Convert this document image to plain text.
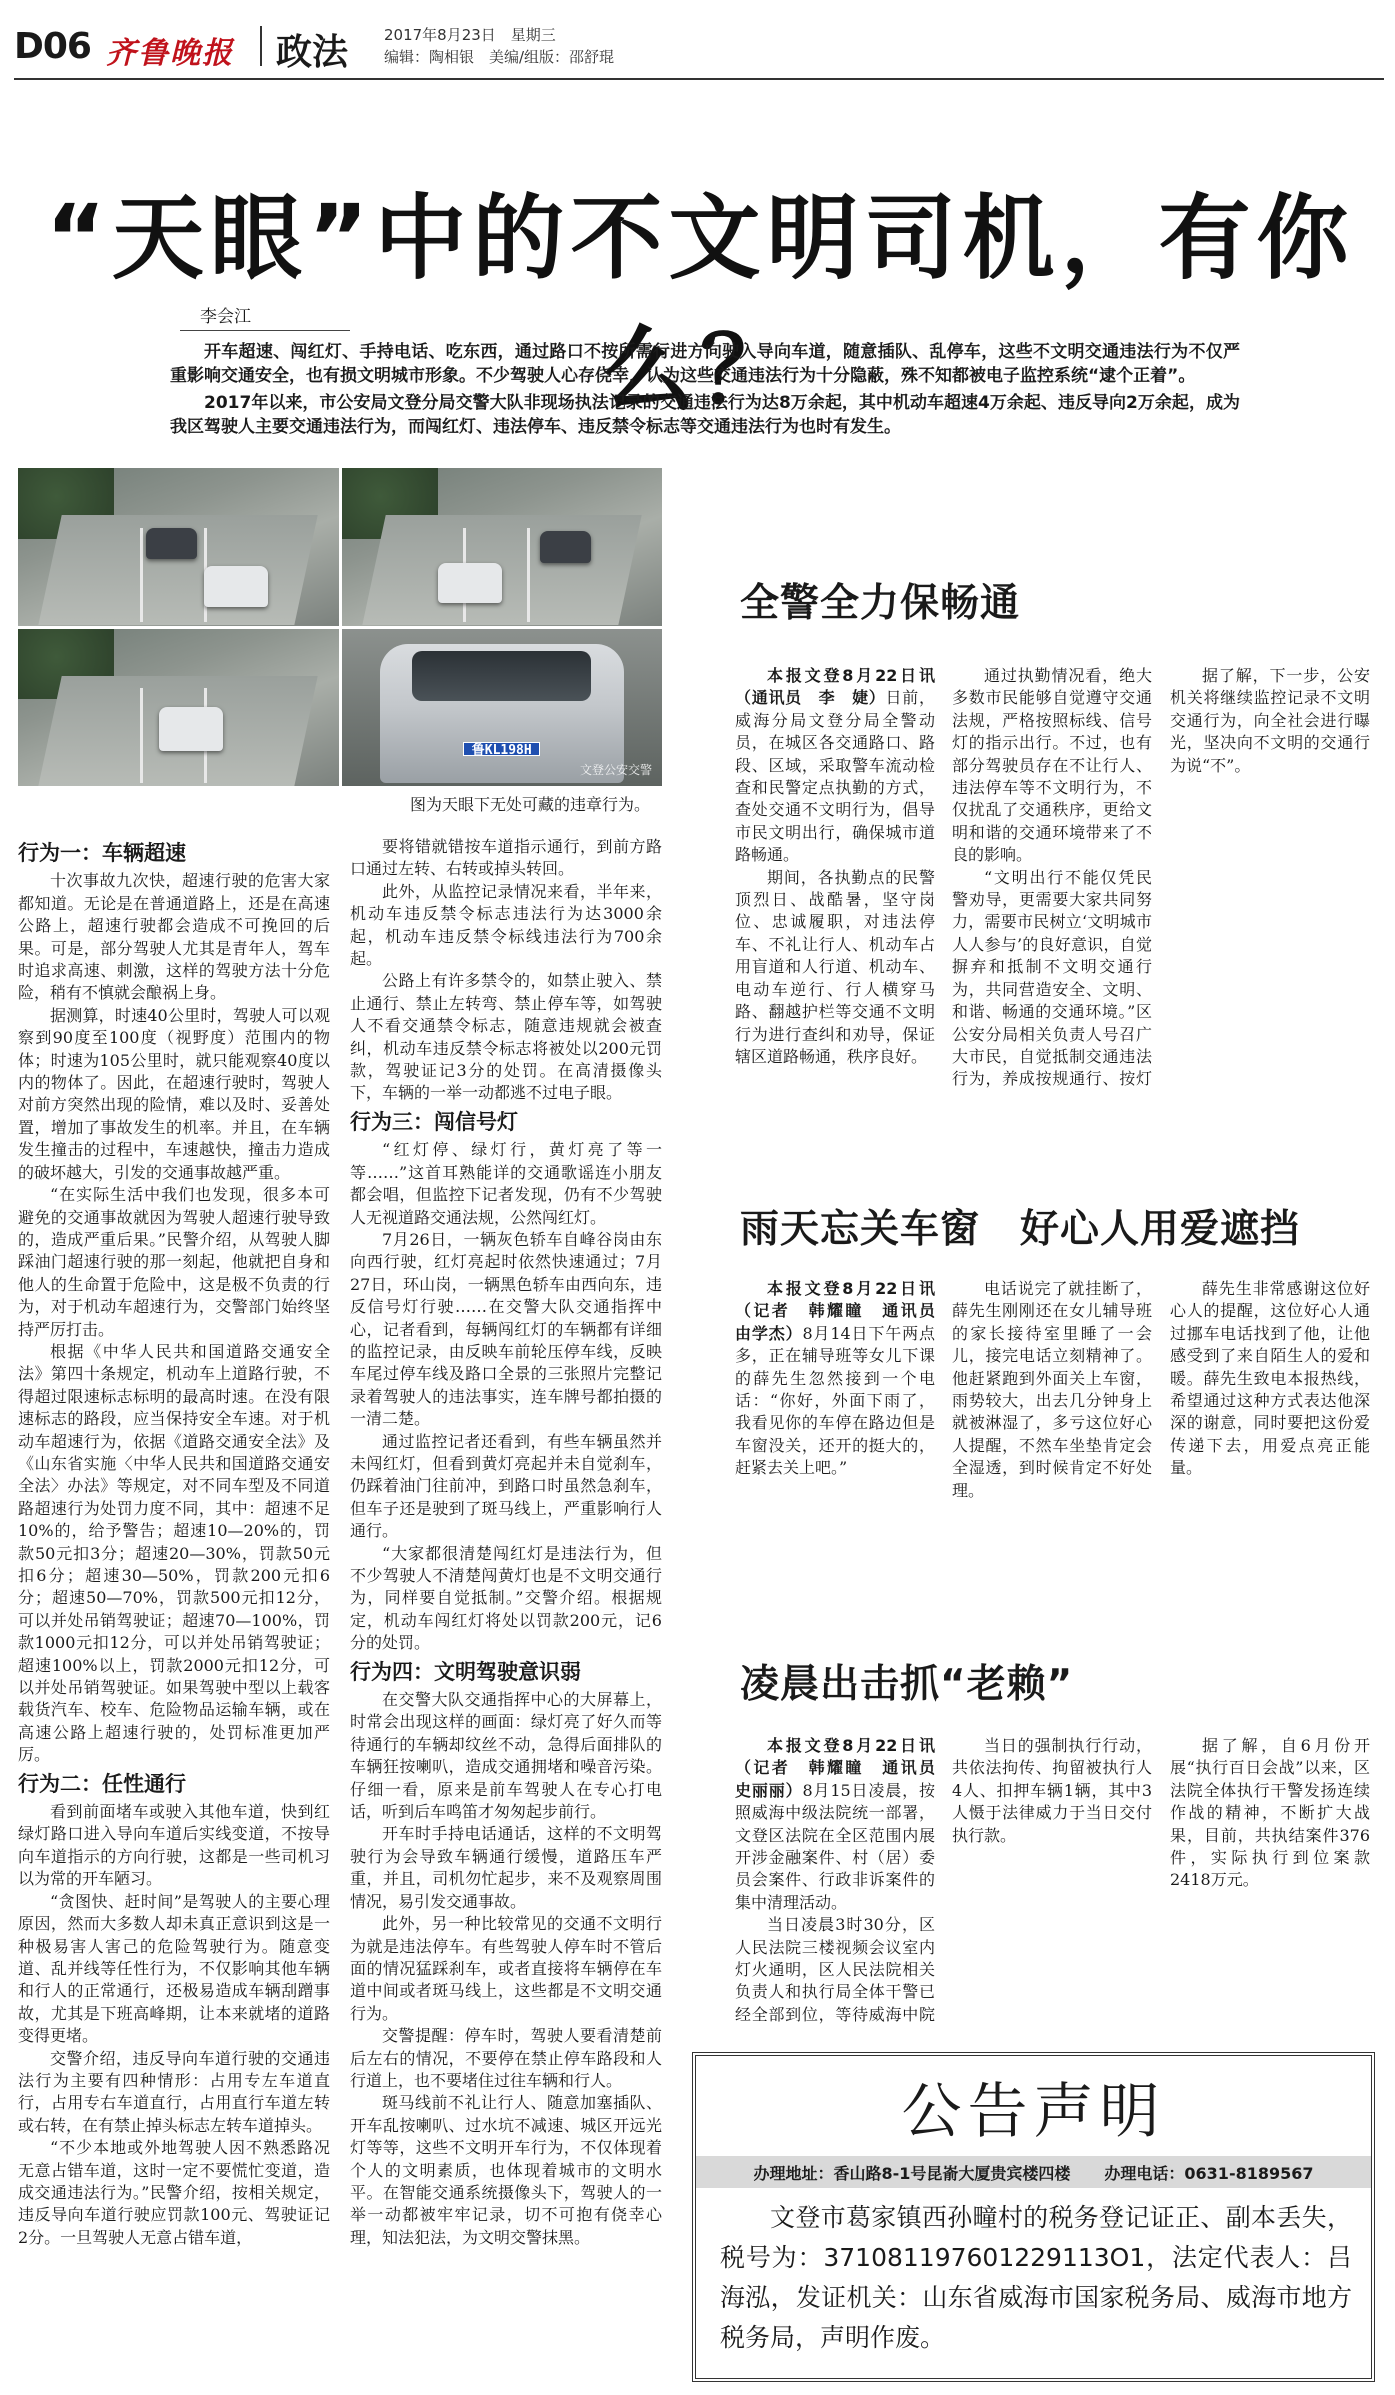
D06 齐鲁晚报 政法 2017年8月23日　星期三
编辑：陶相银　美编/组版：邵舒琨
“天眼”中的不文明司机，有你么？
李会江

开车超速、闯红灯、手持电话、吃东西，通过路口不按所需行进方向驶入导向车道，随意插队、乱停车，这些不文明交通违法行为不仅严重影响交通安全，也有损文明城市形象。不少驾驶人心存侥幸，认为这些交通违法行为十分隐蔽，殊不知都被电子监控系统“逮个正着”。

2017年以来，市公安局文登分局交警大队非现场执法记录的交通违法行为达8万余起，其中机动车超速4万余起、违反导向2万余起，成为我区驾驶人主要交通违法行为，而闯红灯、违法停车、违反禁令标志等交通违法行为也时有发生。

鲁KL198H
文登公安交警
图为天眼下无处可藏的违章行为。
行为一：车辆超速

十次事故九次快，超速行驶的危害大家都知道。无论是在普通道路上，还是在高速公路上，超速行驶都会造成不可挽回的后果。可是，部分驾驶人尤其是青年人，驾车时追求高速、刺激，这样的驾驶方法十分危险，稍有不慎就会酿祸上身。

据测算，时速40公里时，驾驶人可以观察到90度至100度（视野度）范围内的物体；时速为105公里时，就只能观察40度以内的物体了。因此，在超速行驶时，驾驶人对前方突然出现的险情，难以及时、妥善处置，增加了事故发生的机率。并且，在车辆发生撞击的过程中，车速越快，撞击力造成的破坏越大，引发的交通事故越严重。

“在实际生活中我们也发现，很多本可避免的交通事故就因为驾驶人超速行驶导致的，造成严重后果。”民警介绍，从驾驶人脚踩油门超速行驶的那一刻起，他就把自身和他人的生命置于危险中，这是极不负责的行为，对于机动车超速行为，交警部门始终坚持严厉打击。

根据《中华人民共和国道路交通安全法》第四十条规定，机动车上道路行驶，不得超过限速标志标明的最高时速。在没有限速标志的路段，应当保持安全车速。对于机动车超速行为，依据《道路交通安全法》及《山东省实施〈中华人民共和国道路交通安全法〉办法》等规定，对不同车型及不同道路超速行为处罚力度不同，其中：超速不足10%的，给予警告；超速10—20%的，罚款50元扣3分；超速20—30%，罚款50元扣6分；超速30—50%，罚款200元扣6分；超速50—70%，罚款500元扣12分，可以并处吊销驾驶证；超速70—100%，罚款1000元扣12分，可以并处吊销驾驶证；超速100%以上，罚款2000元扣12分，可以并处吊销驾驶证。如果驾驶中型以上载客载货汽车、校车、危险物品运输车辆，或在高速公路上超速行驶的，处罚标准更加严厉。

行为二：任性通行

看到前面堵车或驶入其他车道，快到红绿灯路口进入导向车道后实线变道，不按导向车道指示的方向行驶，这都是一些司机习以为常的开车陋习。

“贪图快、赶时间”是驾驶人的主要心理原因，然而大多数人却未真正意识到这是一种极易害人害己的危险驾驶行为。随意变道、乱并线等任性行为，不仅影响其他车辆和行人的正常通行，还极易造成车辆刮蹭事故，尤其是下班高峰期，让本来就堵的道路变得更堵。

交警介绍，违反导向车道行驶的交通违法行为主要有四种情形：占用专左车道直行，占用专右车道直行，占用直行车道左转或右转，在有禁止掉头标志左转车道掉头。

“不少本地或外地驾驶人因不熟悉路况无意占错车道，这时一定不要慌忙变道，造成交通违法行为。”民警介绍，按相关规定，违反导向车道行驶应罚款100元、驾驶证记2分。一旦驾驶人无意占错车道，

要将错就错按车道指示通行，到前方路口通过左转、右转或掉头转回。

此外，从监控记录情况来看，半年来，机动车违反禁令标志违法行为达3000余起，机动车违反禁令标线违法行为700余起。

公路上有许多禁令的，如禁止驶入、禁止通行、禁止左转弯、禁止停车等，如驾驶人不看交通禁令标志，随意违规就会被查纠，机动车违反禁令标志将被处以200元罚款，驾驶证记3分的处罚。在高清摄像头下，车辆的一举一动都逃不过电子眼。

行为三：闯信号灯

“红灯停、绿灯行，黄灯亮了等一等……”这首耳熟能详的交通歌谣连小朋友都会唱，但监控下记者发现，仍有不少驾驶人无视道路交通法规，公然闯红灯。

7月26日，一辆灰色轿车自峰谷岗由东向西行驶，红灯亮起时依然快速通过；7月27日，环山岗，一辆黑色轿车由西向东，违反信号灯行驶……在交警大队交通指挥中心，记者看到，每辆闯红灯的车辆都有详细的监控记录，由反映车前轮压停车线，反映车尾过停车线及路口全景的三张照片完整记录着驾驶人的违法事实，连车牌号都拍摄的一清二楚。

通过监控记者还看到，有些车辆虽然并未闯红灯，但看到黄灯亮起并未自觉刹车，仍踩着油门往前冲，到路口时虽然急刹车，但车子还是驶到了斑马线上，严重影响行人通行。

“大家都很清楚闯红灯是违法行为，但不少驾驶人不清楚闯黄灯也是不文明交通行为，同样要自觉抵制。”交警介绍。根据规定，机动车闯红灯将处以罚款200元，记6分的处罚。

行为四：文明驾驶意识弱

在交警大队交通指挥中心的大屏幕上，时常会出现这样的画面：绿灯亮了好久而等待通行的车辆却纹丝不动，急得后面排队的车辆狂按喇叭，造成交通拥堵和噪音污染。仔细一看，原来是前车驾驶人在专心打电话，听到后车鸣笛才匆匆起步前行。

开车时手持电话通话，这样的不文明驾驶行为会导致车辆通行缓慢，道路压车严重，并且，司机勿忙起步，来不及观察周围情况，易引发交通事故。

此外，另一种比较常见的交通不文明行为就是违法停车。有些驾驶人停车时不管后面的情况猛踩刹车，或者直接将车辆停在车道中间或者斑马线上，这些都是不文明交通行为。

交警提醒：停车时，驾驶人要看清楚前后左右的情况，不要停在禁止停车路段和人行道上，也不要堵住过往车辆和行人。

斑马线前不礼让行人、随意加塞插队、开车乱按喇叭、过水坑不减速、城区开远光灯等等，这些不文明开车行为，不仅体现着个人的文明素质，也体现着城市的文明水平。在智能交通系统摄像头下，驾驶人的一举一动都被牢牢记录，切不可抱有侥幸心理，知法犯法，为文明交警抹黑。

全警全力保畅通

本报文登8月22日讯（通讯员　李　婕）日前，威海分局文登分局全警动员，在城区各交通路口、路段、区域，采取警车流动检查和民警定点执勤的方式，查处交通不文明行为，倡导市民文明出行，确保城市道路畅通。

期间，各执勤点的民警顶烈日、战酷暑，坚守岗位、忠诚履职，对违法停车、不礼让行人、机动车占用盲道和人行道、机动车、电动车逆行、行人横穿马路、翻越护栏等交通不文明行为进行查纠和劝导，保证辖区道路畅通，秩序良好。

通过执勤情况看，绝大多数市民能够自觉遵守交通法规，严格按照标线、信号灯的指示出行。不过，也有部分驾驶员存在不让行人、违法停车等不文明行为，不仅扰乱了交通秩序，更给文明和谐的交通环境带来了不良的影响。

“文明出行不能仅凭民警劝导，更需要大家共同努力，需要市民树立‘文明城市　人人参与’的良好意识，自觉摒弃和抵制不文明交通行为，共同营造安全、文明、和谐、畅通的交通环境。”区公安分局相关负责人号召广大市民，自觉抵制交通违法行为，养成按规通行、按灯

据了解，下一步，公安机关将继续监控记录不文明交通行为，向全社会进行曝光，坚决向不文明的交通行为说“不”。

雨天忘关车窗　好心人用爱遮挡

本报文登8月22日讯（记者　韩耀瞳　通讯员　由学杰）8月14日下午两点多，正在辅导班等女儿下课的薛先生忽然接到一个电话：“你好，外面下雨了，我看见你的车停在路边但是车窗没关，还开的挺大的，赶紧去关上吧。”

电话说完了就挂断了，薛先生刚刚还在女儿辅导班的家长接待室里睡了一会儿，接完电话立刻精神了。他赶紧跑到外面关上车窗，雨势较大，出去几分钟身上就被淋湿了，多亏这位好心人提醒，不然车坐垫肯定会全湿透，到时候肯定不好处理。

薛先生非常感谢这位好心人的提醒，这位好心人通过挪车电话找到了他，让他感受到了来自陌生人的爱和暖。薛先生致电本报热线，希望通过这种方式表达他深深的谢意，同时要把这份爱传递下去，用爱点亮正能量。

凌晨出击抓“老赖”

本报文登8月22日讯（记者　韩耀瞳　通讯员　史丽丽）8月15日凌晨，按照威海中级法院统一部署，文登区法院在全区范围内展开涉金融案件、村（居）委员会案件、行政非诉案件的集中清理活动。

当日凌晨3时30分，区人民法院三楼视频会议室内灯火通明，区人民法院相关负责人和执行局全体干警已经全部到位，等待威海中院

当日的强制执行行动，共依法拘传、拘留被执行人4人、扣押车辆1辆，其中3人慑于法律威力于当日交付执行款。

据了解，自6月份开展“执行百日会战”以来，区法院全体执行干警发扬连续作战的精神，不断扩大战果，目前，共执结案件376件，实际执行到位案款2418万元。

公告声明
办理地址：香山路8-1号昆嵛大厦贵宾楼四楼 办理电话：0631-8189567
文登市葛家镇西孙疃村的税务登记证正、副本丢失，税号为：371081197601229113O1，法定代表人：吕海泓，发证机关：山东省威海市国家税务局、威海市地方税务局，声明作废。
